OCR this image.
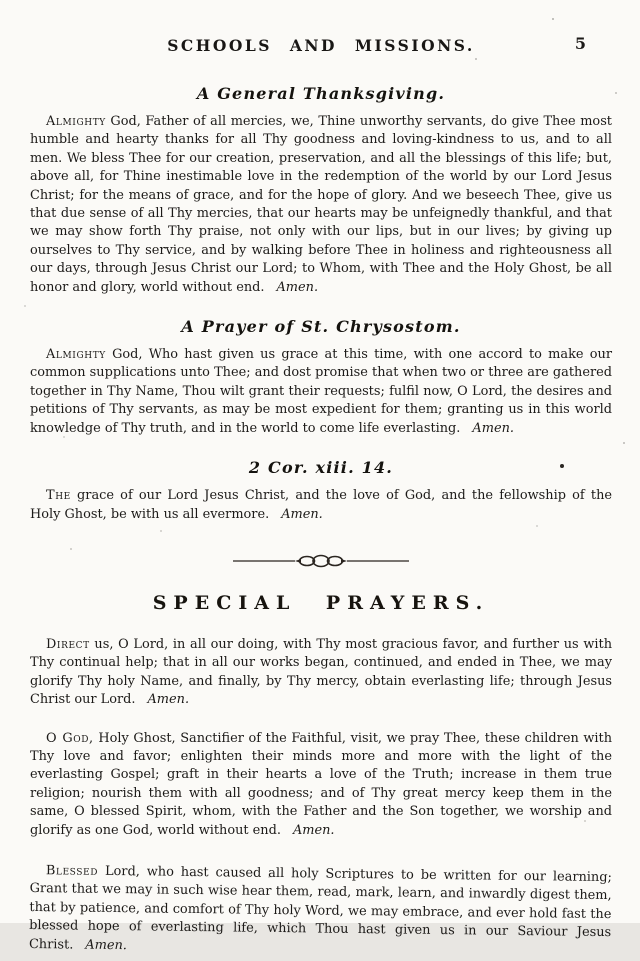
SCHOOLS AND MISSIONS.	5
A General Thanksgiving.

Almighty God, Father of all mercies, we, Thine unworthy servants, do give Thee most humble and hearty thanks for all Thy goodness and loving-kindness to us, and to all men. We bless Thee for our creation, preservation, and all the blessings of this life; but, above all, for Thine inestimable love in the redemption of the world by our Lord Jesus Christ; for the means of grace, and for the hope of glory. And we beseech Thee, give us that due sense of all Thy mercies, that our hearts may be unfeignedly thankful, and that we may show forth Thy praise, not only with our lips, but in our lives; by giving up ourselves to Thy service, and by walking before Thee in holiness and righteousness all our days, through Jesus Christ our Lord; to Whom, with Thee and the Holy Ghost, be all honor and glory, world without end. Amen.

A Prayer of St. Chrysostom.

Almighty God, Who hast given us grace at this time, with one accord to make our common supplications unto Thee; and dost promise that when two or three are gathered together in Thy Name, Thou wilt grant their requests; fulfil now, O Lord, the desires and petitions of Thy servants, as may be most expedient for them; granting us in this world knowledge of Thy truth, and in the world to come life everlasting. Amen.

2 Cor. xiii. 14.

The grace of our Lord Jesus Christ, and the love of God, and the fellowship of the Holy Ghost, be with us all evermore. Amen.

SPECIAL PRAYERS.

Direct us, O Lord, in all our doing, with Thy most gracious favor, and further us with Thy continual help; that in all our works began, continued, and ended in Thee, we may glorify Thy holy Name, and finally, by Thy mercy, obtain everlasting life; through Jesus Christ our Lord. Amen.

O God, Holy Ghost, Sanctifier of the Faithful, visit, we pray Thee, these children with Thy love and favor; enlighten their minds more and more with the light of the everlasting Gospel; graft in their hearts a love of the Truth; increase in them true religion; nourish them with all goodness; and of Thy great mercy keep them in the same, O blessed Spirit, whom, with the Father and the Son together, we worship and glorify as one God, world without end. Amen.

Blessed Lord, who hast caused all holy Scriptures to be written for our learning; Grant that we may in such wise hear them, read, mark, learn, and inwardly digest them, that by patience, and comfort of Thy holy Word, we may embrace, and ever hold fast the blessed hope of everlasting life, which Thou hast given us in our Saviour Jesus Christ. Amen.
